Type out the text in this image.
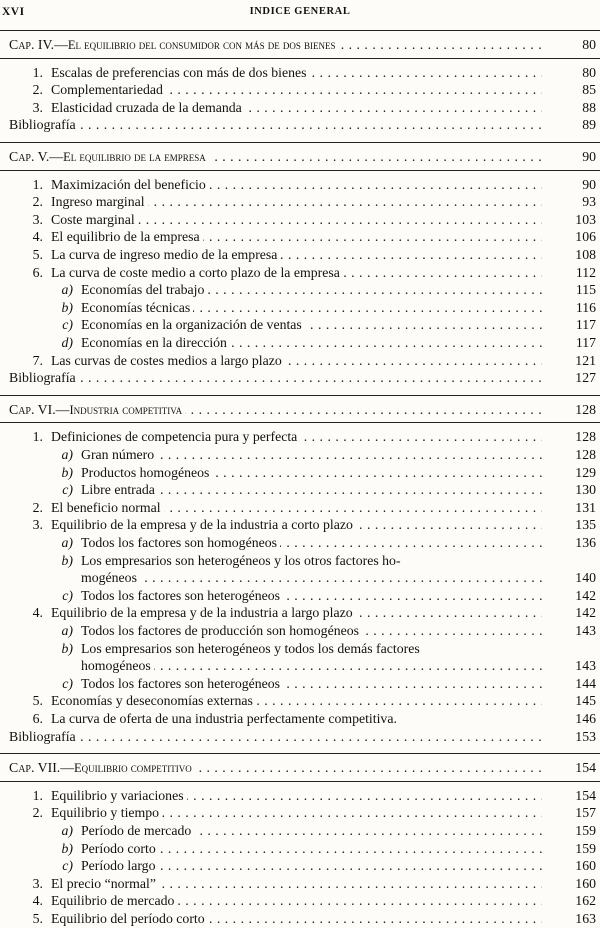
XVI	INDICE GENERAL
Cap. IV.—El equilibrio del consumidor con más de dos bienes . . .	80
1. Escalas de preferencias con más de dos bienes . . .	80
2. Complementariedad . . .	85
3. Elasticidad cruzada de la demanda . . .	88
Bibliografía . . .	89
Cap. V.—El equilibrio de la empresa . . .	90
1. Maximización del beneficio . . .	90
2. Ingreso marginal . . .	93
3. Coste marginal . . .	103
4. El equilibrio de la empresa . . .	106
5. La curva de ingreso medio de la empresa . . .	108
6. La curva de coste medio a corto plazo de la empresa . . .	112
a) Economías del trabajo . . .	115
b) Economías técnicas . . .	116
c) Economías en la organización de ventas . . .	117
d) Economías en la dirección . . .	117
7. Las curvas de costes medios a largo plazo . . .	121
Bibliografía . . .	127
Cap. VI.—Industria competitiva . . .	128
1. Definiciones de competencia pura y perfecta . . .	128
a) Gran número . . .	128
b) Productos homogéneos . . .	129
c) Libre entrada . . .	130
2. El beneficio normal . . .	131
3. Equilibrio de la empresa y de la industria a corto plazo . . .	135
a) Todos los factores son homogéneos . . .	136
b) Los empresarios son heterogéneos y los otros factores ho-
mogéneos . . .	140
c) Todos los factores son heterogéneos . . .	142
4. Equilibrio de la empresa y de la industria a largo plazo . . .	142
a) Todos los factores de producción son homogéneos . . .	143
b) Los empresarios son heterogéneos y todos los demás factores
homogéneos . . .	143
c) Todos los factores son heterogéneos . . .	144
5. Economías y deseconomías externas . . .	145
6. La curva de oferta de una industria perfectamente competitiva.	146
Bibliografía . . .	153
Cap. VII.—Equilibrio competitivo . . .	154
1. Equilibrio y variaciones . . .	154
2. Equilibrio y tiempo . . .	157
a) Período de mercado . . .	159
b) Período corto . . .	159
c) Período largo . . .	160
3. El precio “normal” . . .	160
4. Equilibrio de mercado . . .	162
5. Equilibrio del período corto . . .	163
